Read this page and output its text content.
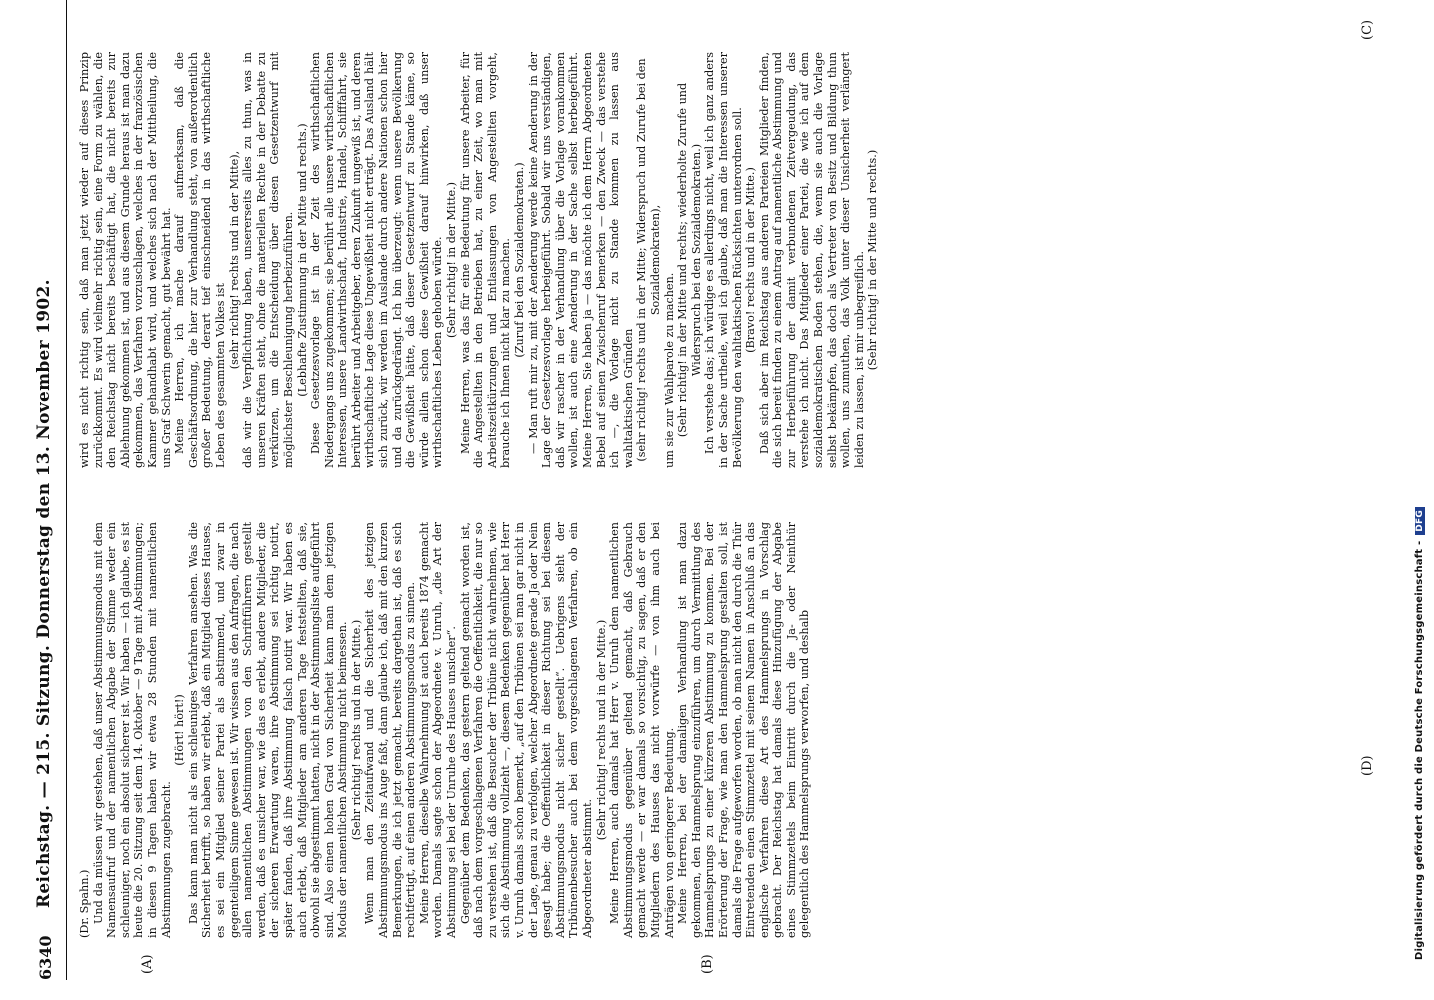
6340
Reichstag. — 215. Sitzung. Donnerstag den 13. November 1902.
(A)	(B)
(C)
(D)

(Dr. Spahn.) Und da müssen wir gestehen, daß unser Abstimmungsmodus mit dem Namensaufruf und der namentlichen Abgabe der Stimme weder ein schleuniger, noch ein absolut sicherer ist. Wir haben — ich glaube, es ist heute die 20. Sitzung seit dem 14. Oktober — 9 Tage mit Abstimmungen; in diesen 9 Tagen haben wir etwa 28 Stunden mit namentlichen Abstimmungen zugebracht.

(Hört! hört!) Das kann man nicht als ein schleuniges Verfahren ansehen. Was die Sicherheit betrifft, so haben wir erlebt, daß ein Mitglied dieses Hauses, es sei ein Mitglied seiner Partei als abstimmend, und zwar in gegenteiligem Sinne gewesen ist. Wir wissen aus den Anfragen, die nach allen namentlichen Abstimmungen von den Schriftführern gestellt werden, daß es unsicher war, wie das es erlebt, andere Mitglieder, die der sicheren Erwartung waren, ihre Abstimmung sei richtig notirt, später fanden, daß ihre Abstimmung falsch notirt war. Wir haben es auch erlebt, daß Mitglieder am anderen Tage feststellten, daß sie, obwohl sie abgestimmt hatten, nicht in der Abstimmungsliste aufgeführt sind. Also einen hohen Grad von Sicherheit kann man dem jetzigen Modus der namentlichen Abstimmung nicht beimessen. (Sehr richtig! rechts und in der Mitte.) Wenn man den Zeitaufwand und die Sicherheit des jetzigen Abstimmungsmodus ins Auge faßt, dann glaube ich, daß mit den kurzen Bemerkungen, die ich jetzt gemacht, bereits dargethan ist, daß es sich rechtfertigt, auf einen anderen Abstimmungsmodus zu sinnen. Meine Herren, dieselbe Wahrnehmung ist auch bereits 1874 gemacht worden. Damals sagte schon der Abgeordnete v. Unruh, „die Art der Abstimmung sei bei der Unruhe des Hauses unsicher“. Gegenüber dem Bedenken, das gestern geltend gemacht worden ist, daß nach dem vorgeschlagenen Verfahren die Oeffentlichkeit, die nur so zu verstehen ist, daß die Besucher der Tribüne nicht wahrnehmen, wie sich die Abstimmung vollzieht —, diesem Bedenken gegenüber hat Herr v. Unruh damals schon bemerkt, „auf den Tribünen sei man gar nicht in der Lage, genau zu verfolgen, welcher Abgeordnete gerade Ja oder Nein gesagt habe; die Oeffentlichkeit in dieser Richtung sei bei diesem Abstimmungsmodus nicht sicher gestellt“. Uebrigens sieht der Tribünenbesucher auch bei dem vorgeschlagenen Verfahren, ob ein Abgeordneter abstimmt.

(Sehr richtig! rechts und in der Mitte.) Meine Herren, auch damals hat Herr v. Unruh dem namentlichen Abstimmungsmodus gegenüber geltend gemacht, daß Gebrauch gemacht werde — er war damals so vorsichtig, zu sagen, daß er den Mitgliedern des Hauses das nicht vorwürfe — von ihm auch bei Anträgen von geringerer Bedeutung. Meine Herren, bei der damaligen Verhandlung ist man dazu gekommen, den Hammelsprung einzuführen, um durch Vermittlung des Hammelsprungs zu einer kürzeren Abstimmung zu kommen. Bei der Erörterung der Frage, wie man den Hammelsprung gestalten soll, ist damals die Frage aufgeworfen worden, ob man nicht den durch die Thür Eintretenden einen Stimmzettel mit seinem Namen in Anschluß an das englische Verfahren diese Art des Hammelsprungs in Vorschlag gebracht. Der Reichstag hat damals diese Hinzufügung der Abgabe eines Stimmzettels beim Eintritt durch die Ja- oder Neinthür gelegentlich des Hammelsprungs verworfen, und deshalb

wird es nicht richtig sein, daß man jetzt wieder auf dieses Prinzip zurückkommt. Es wird vielmehr richtig sein, eine Form zu wählen, die den Reichstag nicht bereits beschäftigt hat, die nicht bereits zur Ablehnung gekommen ist, und aus diesem Grunde heraus ist man dazu gekommen, das Verfahren vorzuschlagen, welches in der französischen Kammer gehandhabt wird, und welches sich nach der Mittheilung, die uns Graf Schwerin gemacht, gut bewährt hat. Meine Herren, ich mache darauf aufmerksam, daß die Geschäftsordnung, die hier zur Verhandlung steht, von außerordentlich großer Bedeutung, derart tief einschneidend in das wirthschaftliche Leben des gesammten Volkes ist

(sehr richtig! rechts und in der Mitte), daß wir die Verpflichtung haben, unsererseits alles zu thun, was in unseren Kräften steht, ohne die materiellen Rechte in der Debatte zu verkürzen, um die Entscheidung über diesen Gesetzentwurf mit möglichster Beschleunigung herbeizuführen. (Lebhafte Zustimmung in der Mitte und rechts.) Diese Gesetzesvorlage ist in der Zeit des wirthschaftlichen Niedergangs uns zugekommen; sie berührt alle unsere wirthschaftlichen Interessen, unsere Landwirthschaft, Industrie, Handel, Schifffahrt, sie berührt Arbeiter und Arbeitgeber, deren Zukunft ungewiß ist, und deren wirthschaftliche Lage diese Ungewißheit nicht erträgt. Das Ausland hält sich zurück, wir werden im Auslande durch andere Nationen schon hier und da zurückgedrängt. Ich bin überzeugt: wenn unsere Bevölkerung die Gewißheit hätte, daß dieser Gesetzentwurf zu Stande käme, so würde allein schon diese Gewißheit darauf hinwirken, daß unser wirthschaftliches Leben gehoben würde. (Sehr richtig! in der Mitte.) Meine Herren, was das für eine Bedeutung für unsere Arbeiter, für die Angestellten in den Betrieben hat, zu einer Zeit, wo man mit Arbeitszeitkürzungen und Entlassungen von Angestellten vorgeht, brauche ich Ihnen nicht klar zu machen. (Zuruf bei den Sozialdemokraten.) — Man ruft mir zu, mit der Aenderung werde keine Aenderung in der Lage der Gesetzesvorlage herbeigeführt. Sobald wir uns verständigen, daß wir rascher in der Verhandlung über die Vorlage vorankommen wollen, ist auch eine Aenderung in der Sache selbst herbeigeführt. Meine Herren, Sie haben ja — das möchte ich dem Herrn Abgeordneten Bebel auf seinen Zwischenruf bemerken — den Zweck — das verstehe ich —, die Vorlage nicht zu Stande kommen zu lassen aus wahltaktischen Gründen (sehr richtig! rechts und in der Mitte; Widerspruch und Zurufe bei den Sozialdemokraten),

um sie zur Wahlparole zu machen. (Sehr richtig! in der Mitte und rechts; wiederholte Zurufe und Widerspruch bei den Sozialdemokraten.) Ich verstehe das; ich würdige es allerdings nicht, weil ich ganz anders in der Sache urtheile, weil ich glaube, daß man die Interessen unserer Bevölkerung den wahltaktischen Rücksichten unterordnen soll. (Bravo! rechts und in der Mitte.) Daß sich aber im Reichstag aus anderen Parteien Mitglieder finden, die sich bereit finden zu einem Antrag auf namentliche Abstimmung und zur Herbeiführung der damit verbundenen Zeitvergeudung, das verstehe ich nicht. Das Mitglieder einer Partei, die wie ich auf dem sozialdemokratischen Boden stehen, die, wenn sie auch die Vorlage selbst bekämpfen, das doch als Vertreter von Besitz und Bildung thun wollen, uns zumuthen, das Volk unter dieser Unsicherheit verlängert leiden zu lassen, ist mir unbegreiflich. (Sehr richtig! in der Mitte und rechts.)

Digitalisierung gefördert durch die Deutsche Forschungsgemeinschaft -DFG
